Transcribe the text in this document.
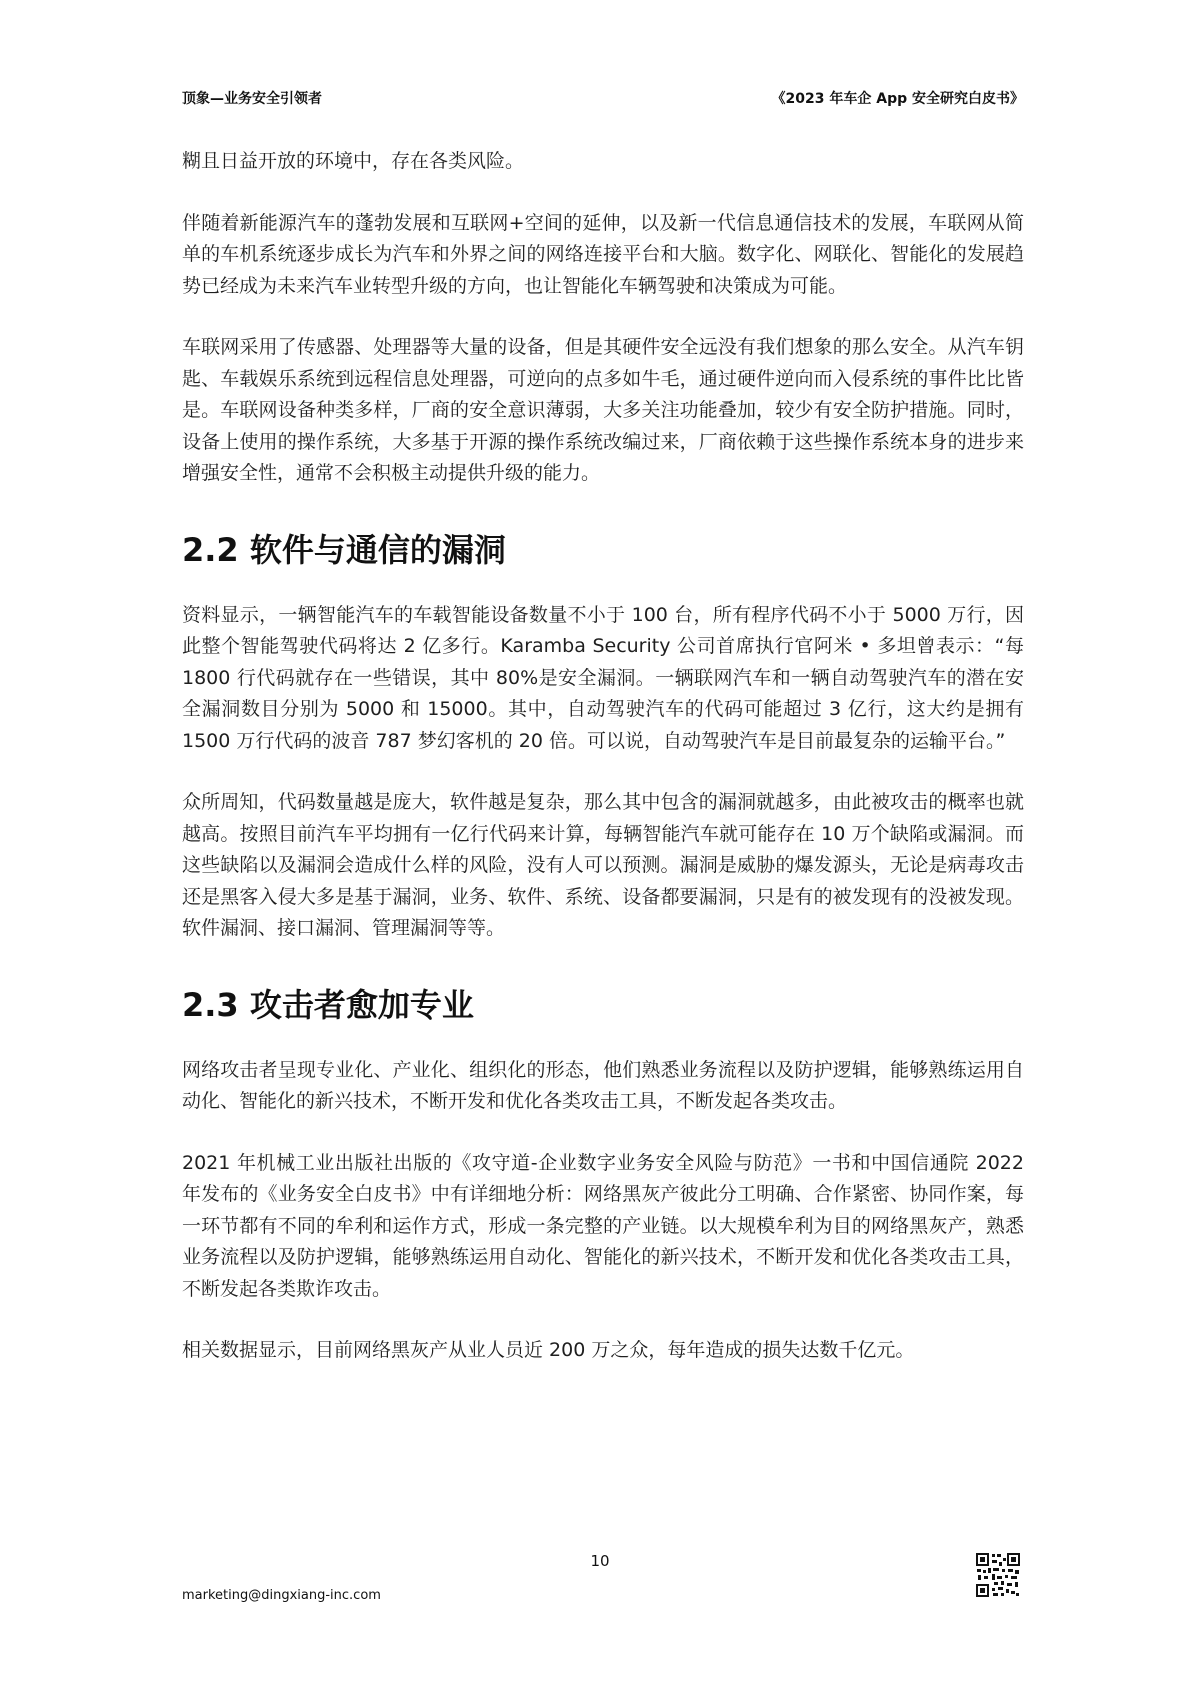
顶象—业务安全引领者	《2023 年车企 App 安全研究白皮书》

糊且日益开放的环境中，存在各类风险。

伴随着新能源汽车的蓬勃发展和互联网+空间的延伸，以及新一代信息通信技术的发展，车联网从简单的车机系统逐步成长为汽车和外界之间的网络连接平台和大脑。数字化、网联化、智能化的发展趋势已经成为未来汽车业转型升级的方向，也让智能化车辆驾驶和决策成为可能。

车联网采用了传感器、处理器等大量的设备，但是其硬件安全远没有我们想象的那么安全。从汽车钥匙、车载娱乐系统到远程信息处理器，可逆向的点多如牛毛，通过硬件逆向而入侵系统的事件比比皆是。车联网设备种类多样，厂商的安全意识薄弱，大多关注功能叠加，较少有安全防护措施。同时，设备上使用的操作系统，大多基于开源的操作系统改编过来，厂商依赖于这些操作系统本身的进步来增强安全性，通常不会积极主动提供升级的能力。

2.2 软件与通信的漏洞

资料显示，一辆智能汽车的车载智能设备数量不小于 100 台，所有程序代码不小于 5000 万行，因此整个智能驾驶代码将达 2 亿多行。Karamba Security 公司首席执行官阿米 • 多坦曾表示：“每 1800 行代码就存在一些错误，其中 80%是安全漏洞。一辆联网汽车和一辆自动驾驶汽车的潜在安全漏洞数目分别为 5000 和 15000。其中，自动驾驶汽车的代码可能超过 3 亿行，这大约是拥有 1500 万行代码的波音 787 梦幻客机的 20 倍。可以说，自动驾驶汽车是目前最复杂的运输平台。”

众所周知，代码数量越是庞大，软件越是复杂，那么其中包含的漏洞就越多，由此被攻击的概率也就越高。按照目前汽车平均拥有一亿行代码来计算，每辆智能汽车就可能存在 10 万个缺陷或漏洞。而这些缺陷以及漏洞会造成什么样的风险，没有人可以预测。漏洞是威胁的爆发源头，无论是病毒攻击还是黑客入侵大多是基于漏洞，业务、软件、系统、设备都要漏洞，只是有的被发现有的没被发现。软件漏洞、接口漏洞、管理漏洞等等。

2.3 攻击者愈加专业

网络攻击者呈现专业化、产业化、组织化的形态，他们熟悉业务流程以及防护逻辑，能够熟练运用自动化、智能化的新兴技术，不断开发和优化各类攻击工具，不断发起各类攻击。

2021 年机械工业出版社出版的《攻守道-企业数字业务安全风险与防范》一书和中国信通院 2022 年发布的《业务安全白皮书》中有详细地分析：网络黑灰产彼此分工明确、合作紧密、协同作案，每一环节都有不同的牟利和运作方式，形成一条完整的产业链。以大规模牟利为目的网络黑灰产，熟悉业务流程以及防护逻辑，能够熟练运用自动化、智能化的新兴技术，不断开发和优化各类攻击工具，不断发起各类欺诈攻击。

相关数据显示，目前网络黑灰产从业人员近 200 万之众，每年造成的损失达数千亿元。

10
marketing@dingxiang-inc.com
